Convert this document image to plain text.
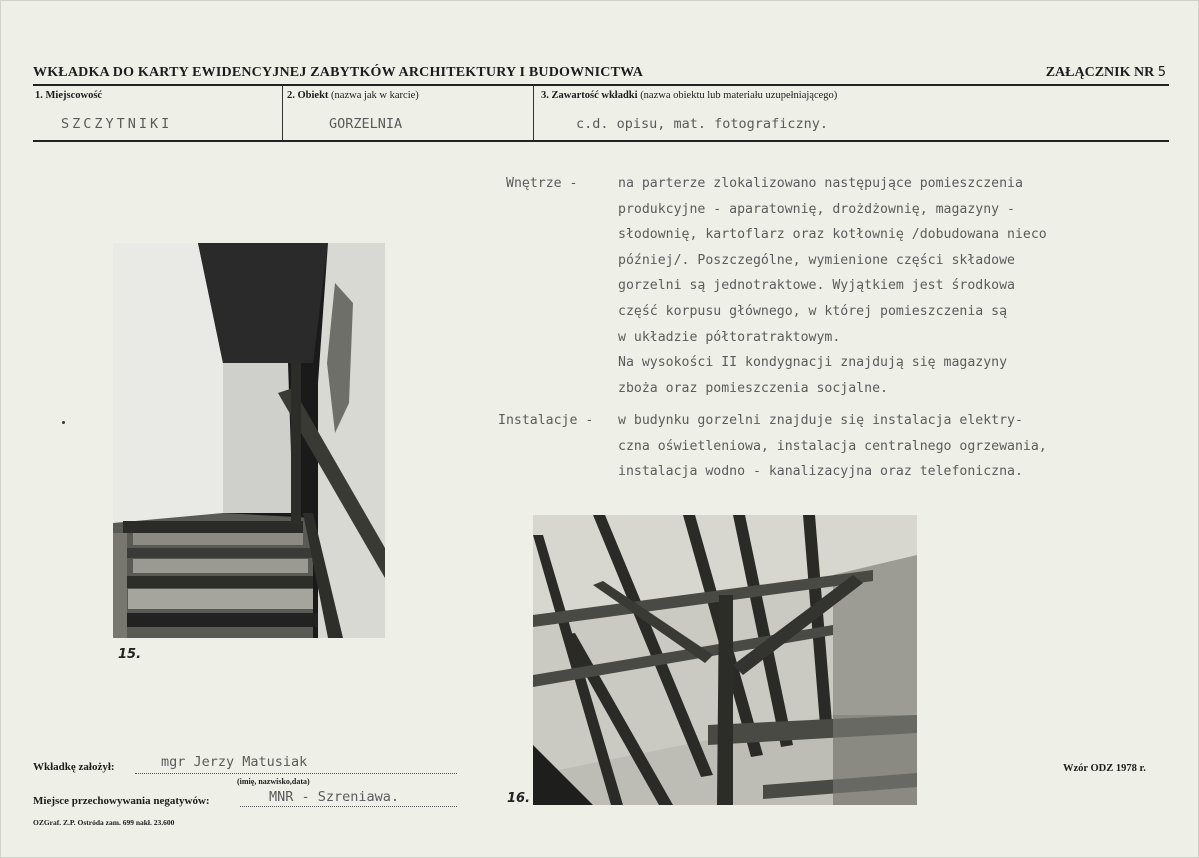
WKŁADKA DO KARTY EWIDENCYJNEJ ZABYTKÓW ARCHITEKTURY I BUDOWNICTWA	ZAŁĄCZNIK NR 5
1. Miejscowość	2. Obiekt (nazwa jak w karcie)	3. Zawartość wkładki (nazwa obiektu lub materiału uzupełniającego)
SZCZYTNIKI	GORZELNIA	c.d. opisu, mat. fotograficzny.
Wnętrze -	na parterze zlokalizowano następujące pomieszczenia
produkcyjne - aparatownię, drożdżownię, magazyny -
słodownię, kartoflarz oraz kotłownię /dobudowana nieco
później/. Poszczególne, wymienione części składowe
gorzelni są jednotraktowe. Wyjątkiem jest środkowa
część korpusu głównego, w której pomieszczenia są
w układzie półtoratraktowym.
Na wysokości II kondygnacji znajdują się magazyny
zboża oraz pomieszczenia socjalne.
Instalacje - w budynku gorzelni znajduje się instalacja elektry-
czna oświetleniowa, instalacja centralnego ogrzewania,
instalacja wodno - kanalizacyjna oraz telefoniczna.
15.
16.
Wkładkę założył:	mgr Jerzy Matusiak
(imię, nazwisko,data)
Miejsce przechowywania negatywów:	MNR - Szreniawa.
OZGraf. Z.P. Ostróda zam. 699 nakł. 23.600
Wzór ODZ 1978 r.
